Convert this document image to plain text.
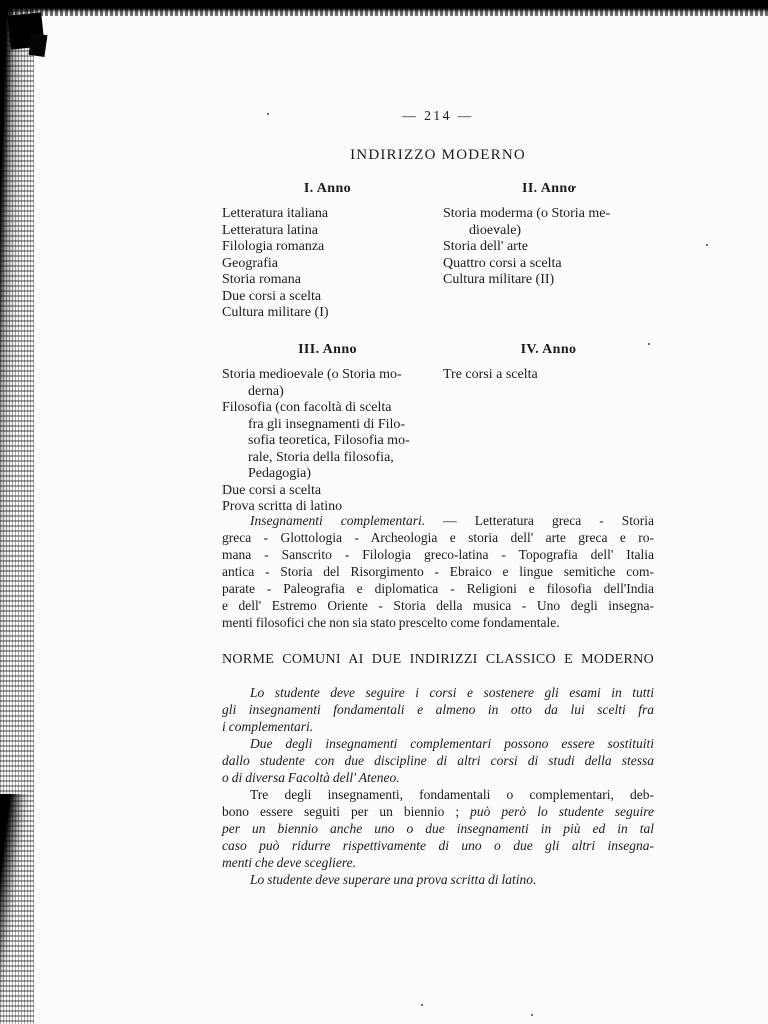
— 214 —
INDIRIZZO MODERNO
I. Anno
Letteratura italiana
Letteratura latina
Filologia romanza
Geografia
Storia romana
Due corsi a scelta
Cultura militare (I)
II. Anno
Storia moderma (o Storia me-
dioevale)
Storia dell' arte
Quattro corsi a scelta
Cultura militare (II)
III. Anno
Storia medioevale (o Storia mo-
derna)
Filosofia (con facoltà di scelta
fra gli insegnamenti di Filo-
sofia teoretica, Filosofia mo-
rale, Storia della filosofia,
Pedagogia)
Due corsi a scelta
Prova scritta di latino
IV. Anno
Tre corsi a scelta
Insegnamenti complementari. — Letteratura greca - Storia
greca - Glottologia - Archeologia e storia dell' arte greca e ro-
mana - Sanscrito - Filologia greco-latina - Topografia dell' Italia
antica - Storia del Risorgimento - Ebraico e lingue semitiche com-
parate - Paleografia e diplomatica - Religioni e filosofia dell'India
e dell' Estremo Oriente - Storia della musica - Uno degli insegna-
menti filosofici che non sia stato prescelto come fondamentale.
NORME COMUNI AI DUE INDIRIZZI CLASSICO E MODERNO
Lo studente deve seguire i corsi e sostenere gli esami in tutti
gli insegnamenti fondamentali e almeno in otto da lui scelti fra
i complementari.
Due degli insegnamenti complementari possono essere sostituiti
dallo studente con due discipline di altri corsi di studi della stessa
o di diversa Facoltà dell' Ateneo.
Tre degli insegnamenti, fondamentali o complementari, deb-
bono essere seguiti per un biennio ; può però lo studente seguire
per un biennio anche uno o due insegnamenti in più ed in tal
caso può ridurre rispettivamente di uno o due gli altri insegna-
menti che deve scegliere.
Lo studente deve superare una prova scritta di latino.
